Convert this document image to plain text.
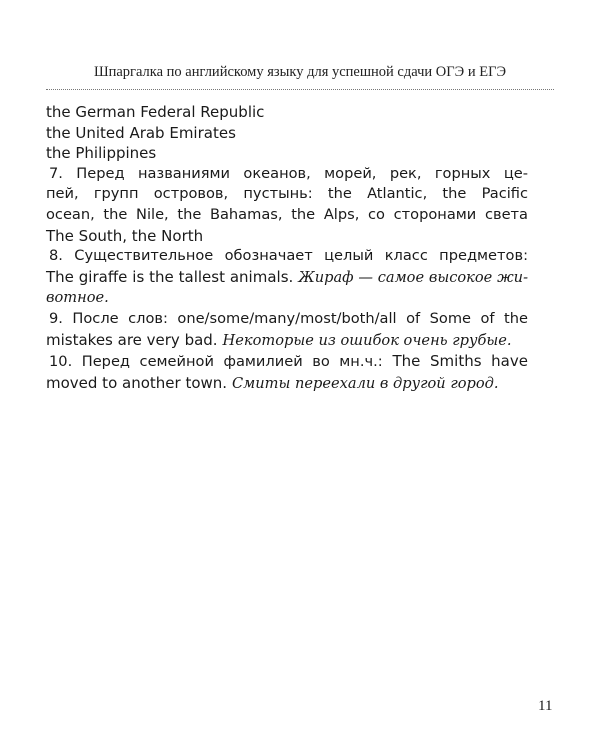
Шпаргалка по английскому языку для успешной сдачи ОГЭ и ЕГЭ
the German Federal Republic
the United Arab Emirates
the Philippines
7. Перед названиями океанов, морей, рек, горных це-
пей, групп островов, пустынь: the Atlantic, the Pacific
ocean, the Nile, the Bahamas, the Alps, со сторонами света
The South, the North
8. Существительное обозначает целый класс предметов:
The giraffe is the tallest animals. Жираф — самое высокое жи-
вотное.
9. После слов: one/some/many/most/both/all of Some of the
mistakes are very bad. Некоторые из ошибок очень грубые.
10. Перед семейной фамилией во мн.ч.: The Smiths have
moved to another town. Смиты переехали в другой город.
11
